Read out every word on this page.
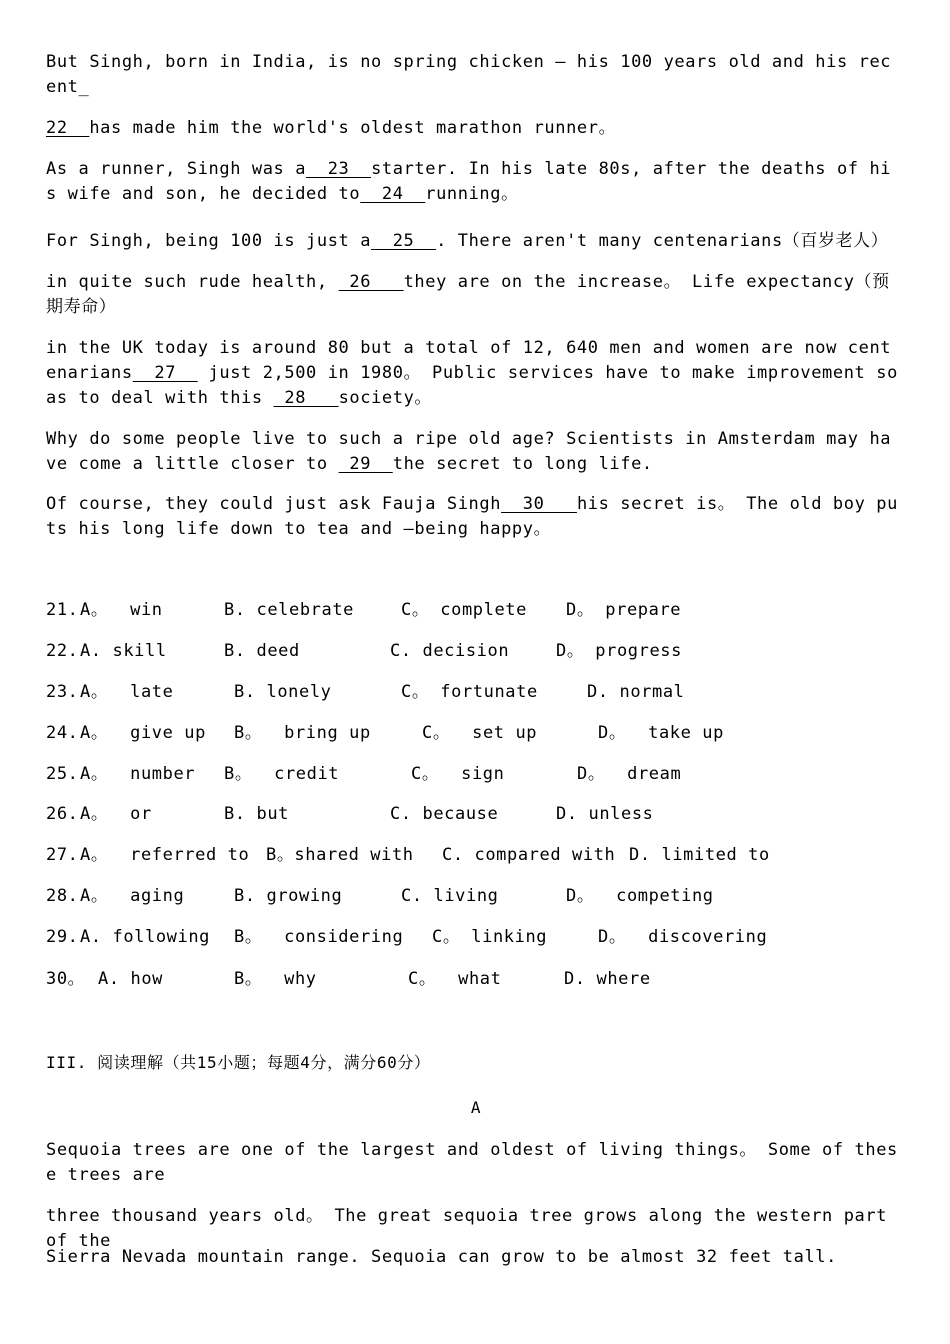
But Singh, born in India, is no spring chicken – his 100 years old and his recent_
22  has made him the world's oldest marathon runner。
As a runner, Singh was a  23  starter. In his late 80s, after the deaths of his wife and son, he decided to  24  running。
For Singh, being 100 is just a  25  . There aren't many centenarians（百岁老人）
in quite such rude health,  26   they are on the increase。 Life expectancy（预期寿命）
in the UK today is around 80 but a total of 12, 640 men and women are now centenarians  27   just 2,500 in 1980。 Public services have to make improvement so as to deal with this  28   society。
Why do some people live to such a ripe old age? Scientists in Amsterdam may have come a little closer to  29  the secret to long life.
Of course, they could just ask Fauja Singh  30   his secret is。 The old boy puts his long life down to tea and —being happy。

21.

A。  win

	B. celebrate

	C。 complete

D。 prepare

22.

A. skill

	B. deed

	C. decision

	D。 progress

23.

A。  late

	B. lonely

	C。 fortunate

	D. normal

24.

A。  give up

B。  bring up

	C。  set up

	D。  take up

25.

A。  number

B。  credit

	C。  sign

	D。  dream

26.

A。  or

	B. but

	C. because

	D. unless

27.

A。  referred to

B。shared with

C. compared with

D. limited to

28.

A。  aging

	B. growing

	C. living

	D。  competing

29.

A. following

B。  considering

C。 linking

	D。  discovering

30。

A. how

	B。  why

	C。  what

	D. where

III. 阅读理解（共15小题；每题4分，满分60分）
A
Sequoia trees are one of the largest and oldest of living things。 Some of these trees are
three thousand years old。 The great sequoia tree grows along the western part of the
Sierra Nevada mountain range. Sequoia can grow to be almost 32 feet tall.
